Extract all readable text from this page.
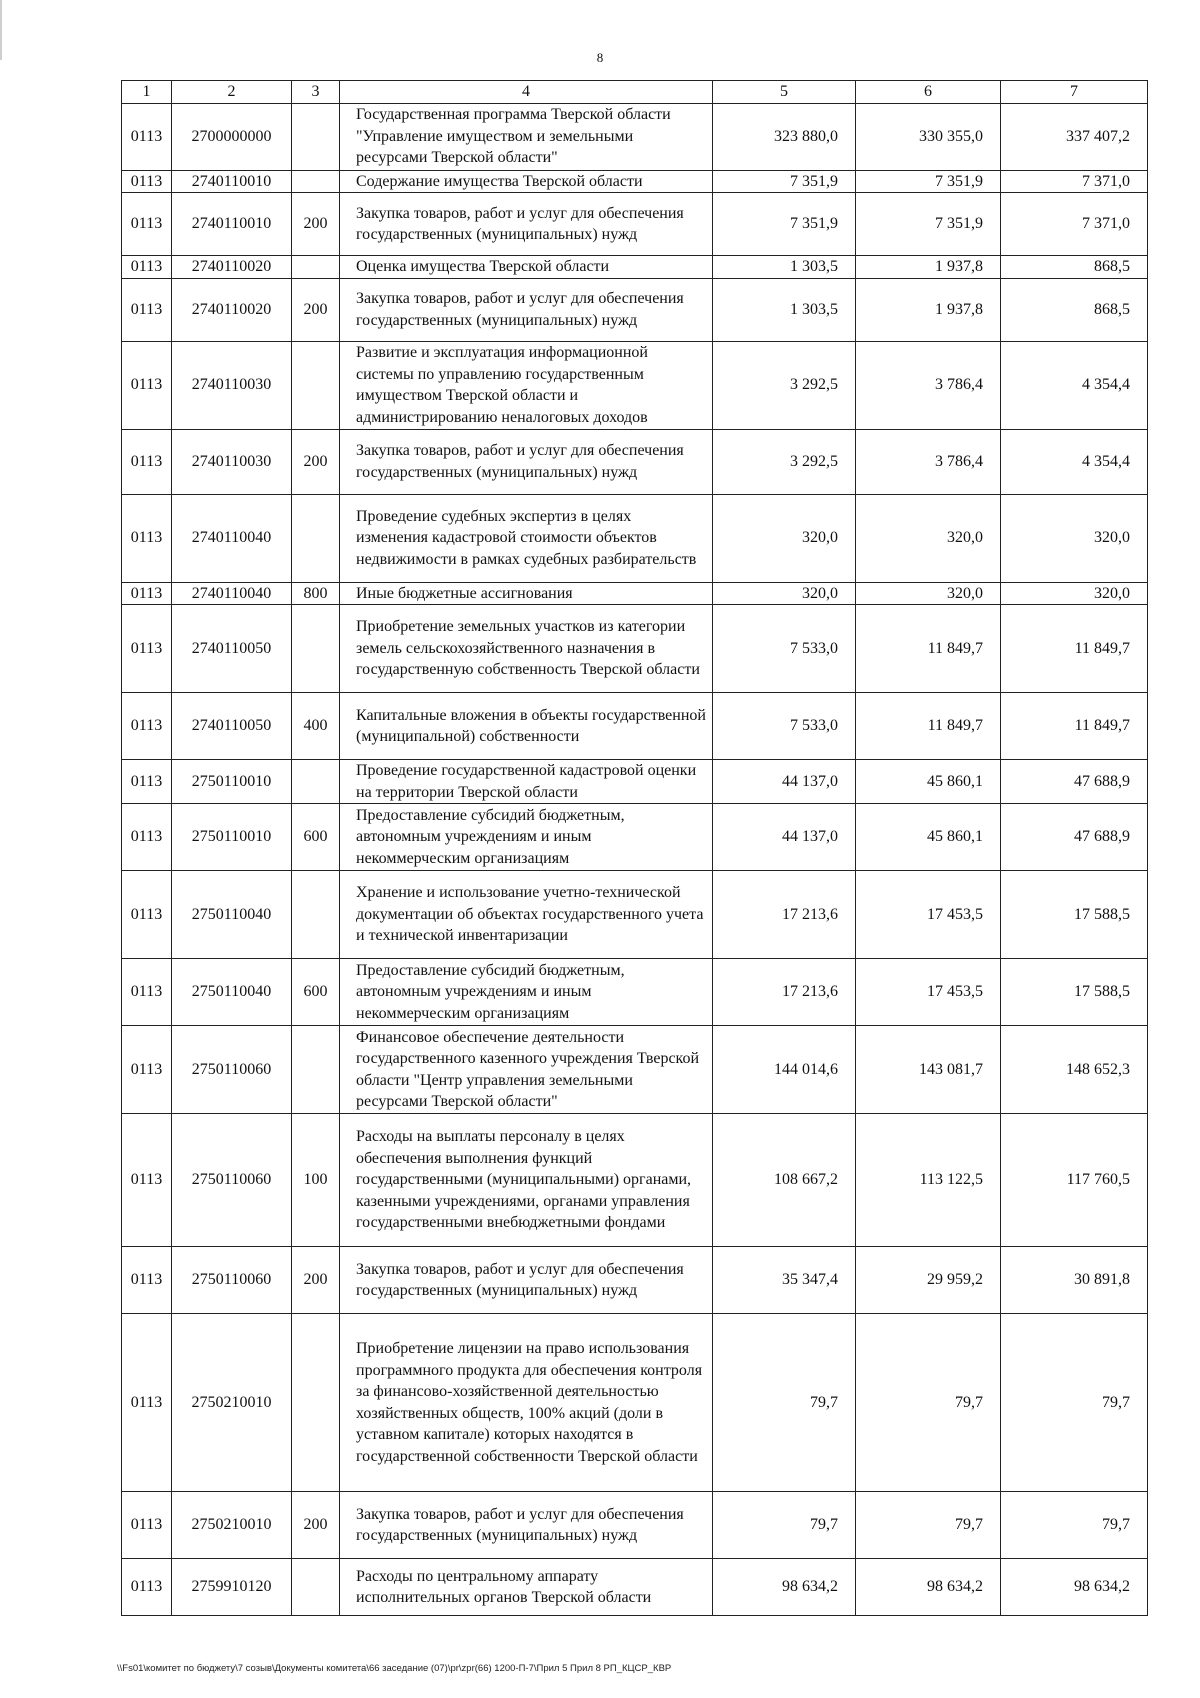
8
1	2	3	4	5	6	7
0113	2700000000		Государственная программа Тверской области "Управление имуществом и земельными ресурсами Тверской области"	323 880,0	330 355,0	337 407,2
0113	2740110010		Содержание имущества Тверской области	7 351,9	7 351,9	7 371,0
0113	2740110010	200	Закупка товаров, работ и услуг для обеспечения государственных (муниципальных) нужд	7 351,9	7 351,9	7 371,0
0113	2740110020		Оценка имущества Тверской области	1 303,5	1 937,8	868,5
0113	2740110020	200	Закупка товаров, работ и услуг для обеспечения государственных (муниципальных) нужд	1 303,5	1 937,8	868,5
0113	2740110030		Развитие и эксплуатация информационной системы по управлению государственным имуществом Тверской области и администрированию неналоговых доходов	3 292,5	3 786,4	4 354,4
0113	2740110030	200	Закупка товаров, работ и услуг для обеспечения государственных (муниципальных) нужд	3 292,5	3 786,4	4 354,4
0113	2740110040		Проведение судебных экспертиз в целях изменения кадастровой стоимости объектов недвижимости в рамках судебных разбирательств	320,0	320,0	320,0
0113	2740110040	800	Иные бюджетные ассигнования	320,0	320,0	320,0
0113	2740110050		Приобретение земельных участков из категории земель сельскохозяйственного назначения в государственную собственность Тверской области	7 533,0	11 849,7	11 849,7
0113	2740110050	400	Капитальные вложения в объекты государственной (муниципальной) собственности	7 533,0	11 849,7	11 849,7
0113	2750110010		Проведение государственной кадастровой оценки на территории Тверской области	44 137,0	45 860,1	47 688,9
0113	2750110010	600	Предоставление субсидий бюджетным, автономным учреждениям и иным некоммерческим организациям	44 137,0	45 860,1	47 688,9
0113	2750110040		Хранение и использование учетно-технической документации об объектах государственного учета и технической инвентаризации	17 213,6	17 453,5	17 588,5
0113	2750110040	600	Предоставление субсидий бюджетным, автономным учреждениям и иным некоммерческим организациям	17 213,6	17 453,5	17 588,5
0113	2750110060		Финансовое обеспечение деятельности государственного казенного учреждения Тверской области "Центр управления земельными ресурсами Тверской области"	144 014,6	143 081,7	148 652,3
0113	2750110060	100	Расходы на выплаты персоналу в целях обеспечения выполнения функций государственными (муниципальными) органами, казенными учреждениями, органами управления государственными внебюджетными фондами	108 667,2	113 122,5	117 760,5
0113	2750110060	200	Закупка товаров, работ и услуг для обеспечения государственных (муниципальных) нужд	35 347,4	29 959,2	30 891,8
0113	2750210010		Приобретение лицензии на право использования программного продукта для обеспечения контроля за финансово-хозяйственной деятельностью хозяйственных обществ, 100% акций (доли в уставном капитале) которых находятся в государственной собственности Тверской области	79,7	79,7	79,7
0113	2750210010	200	Закупка товаров, работ и услуг для обеспечения государственных (муниципальных) нужд	79,7	79,7	79,7
0113	2759910120		Расходы по центральному аппарату исполнительных органов Тверской области	98 634,2	98 634,2	98 634,2
\\Fs01\комитет по бюджету\7 созыв\Документы комитета\66 заседание (07)\pr\zpr(66) 1200-П-7\Прил 5 Прил 8 РП_КЦСР_КВР
